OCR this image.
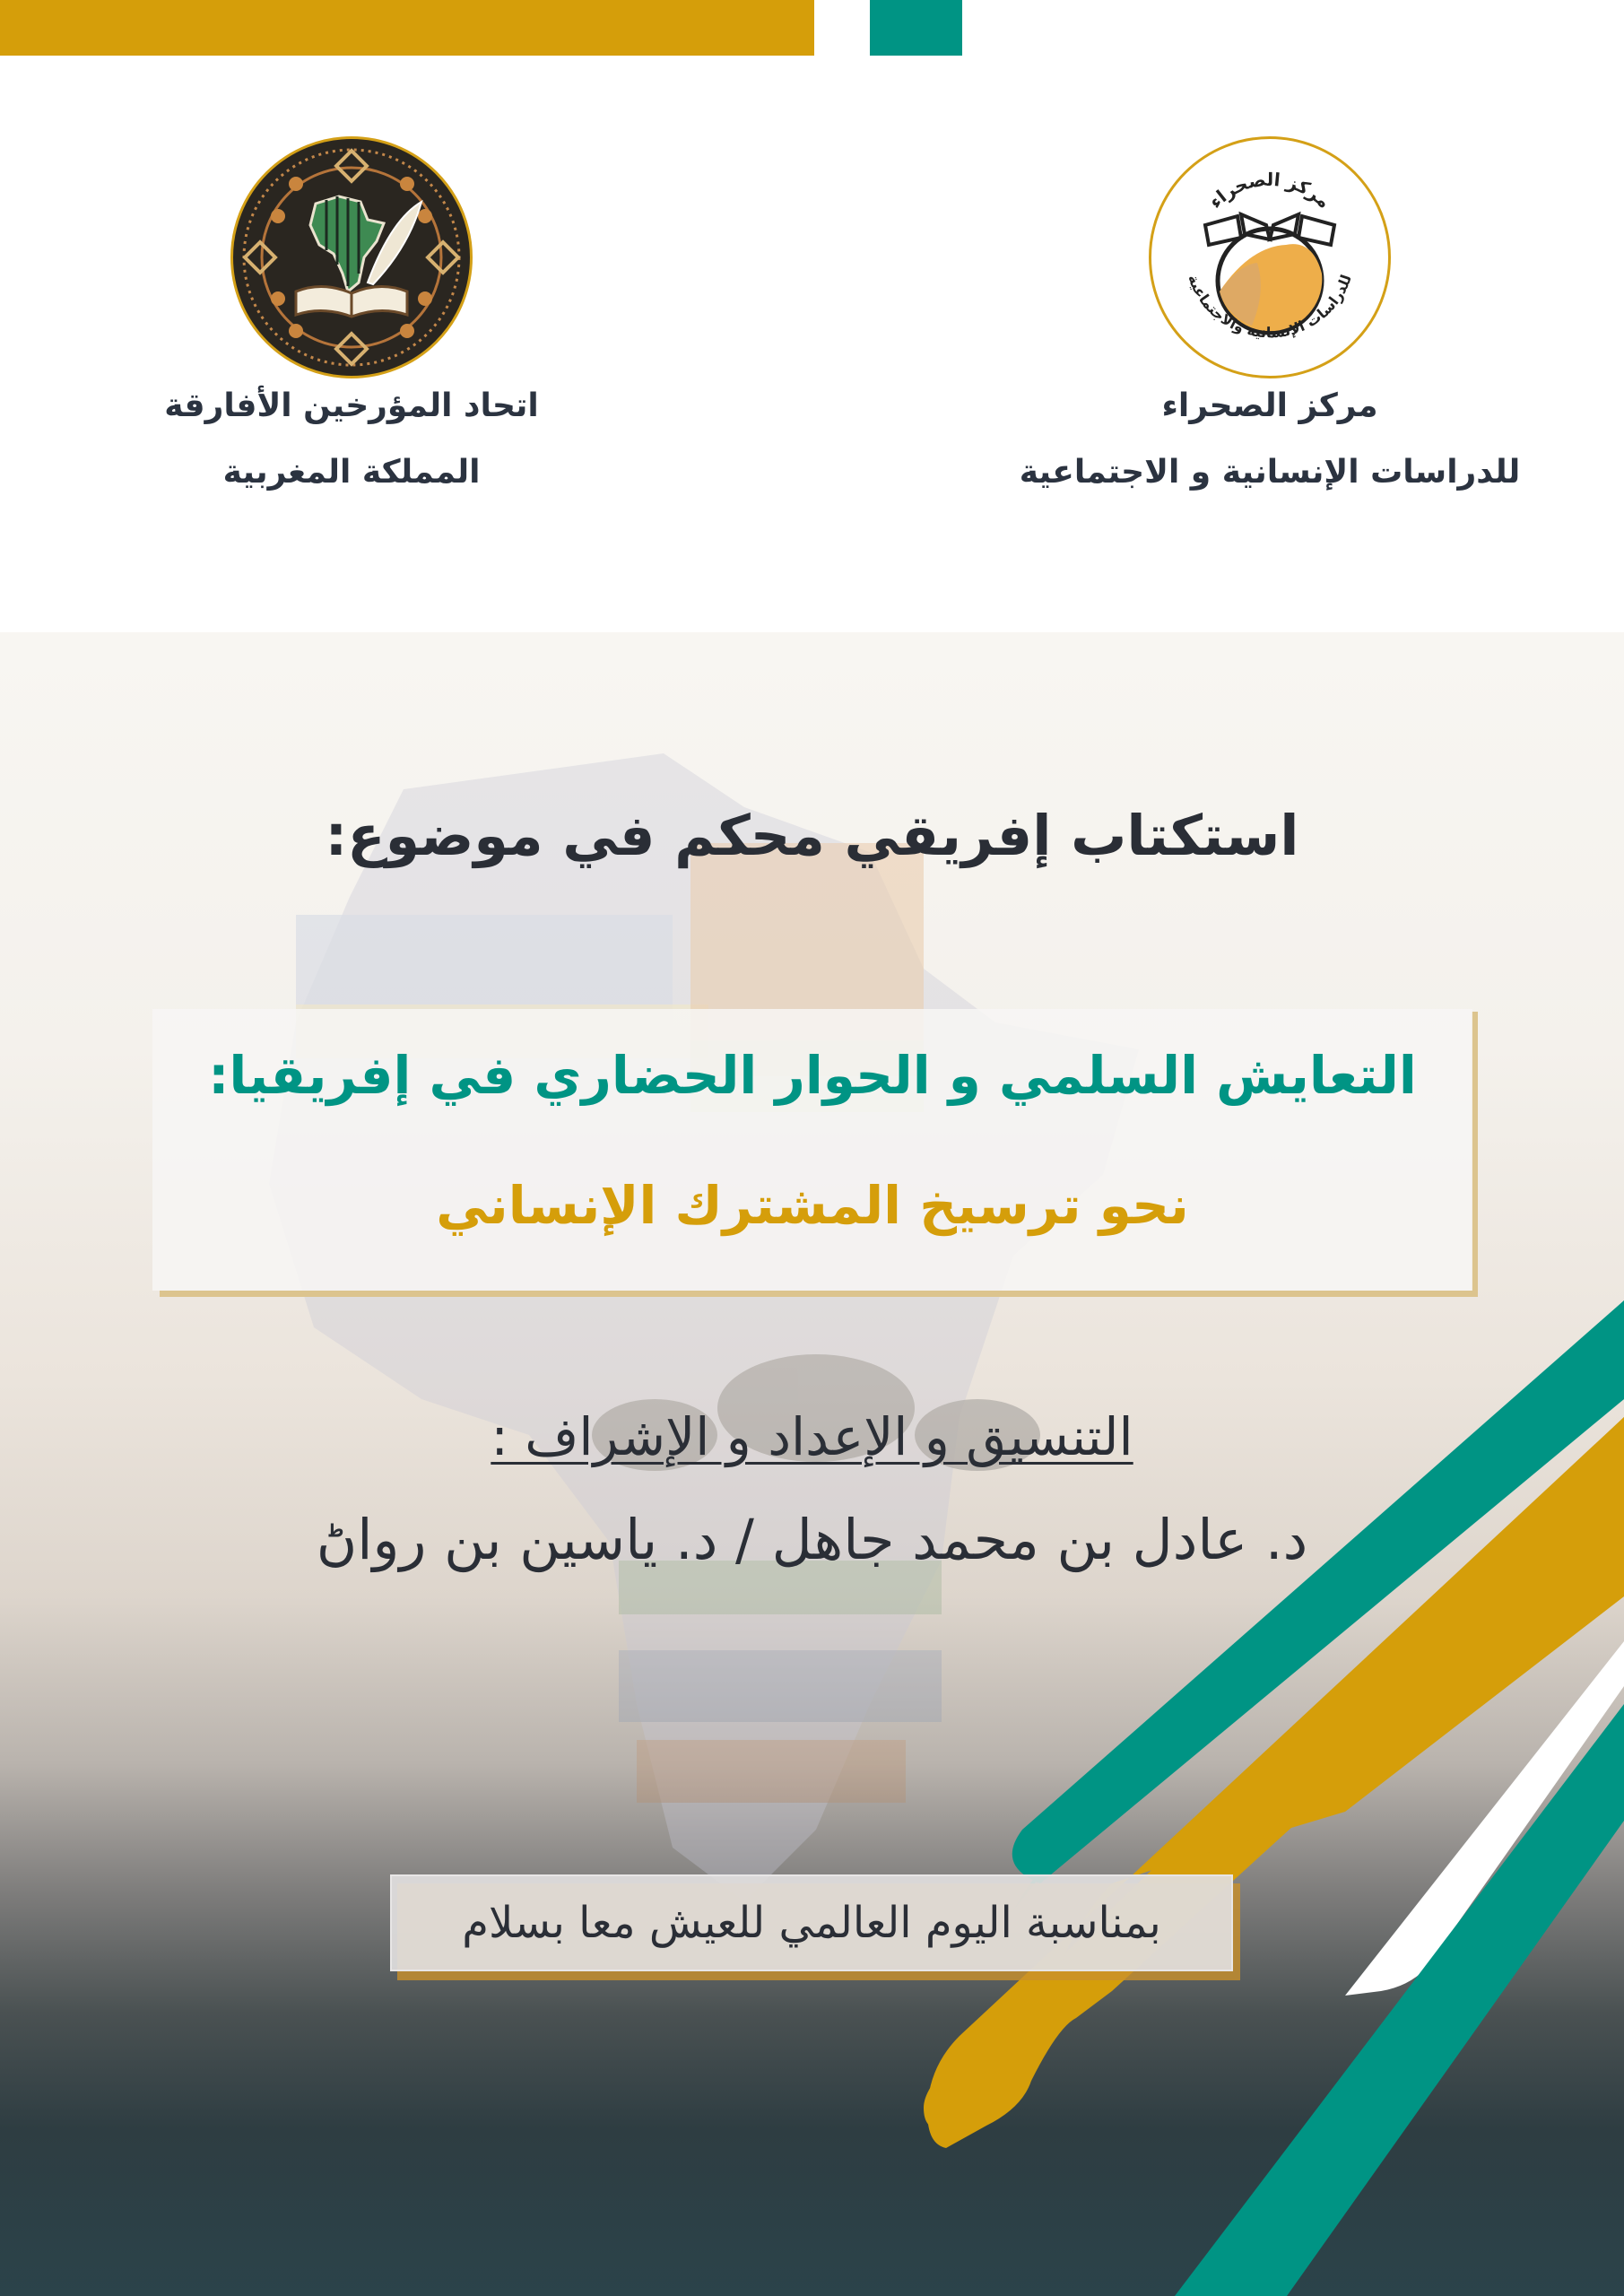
مركز الصحراء
للدراسات الإنسانية والاجتماعية
مركز الصحراء
للدراسات الإنسانية و الاجتماعية
اتحاد المؤرخين الأفارقة
المملكة المغربية
استكتاب إفريقي محكم في موضوع:
التعايش السلمي و الحوار الحضاري في إفريقيا:
نحو ترسيخ المشترك الإنساني
التنسيق و الإعداد و الإشراف :
د. عادل بن محمد جاهل / د. ياسين بن رواڻ
بمناسبة اليوم العالمي للعيش معا بسلام
